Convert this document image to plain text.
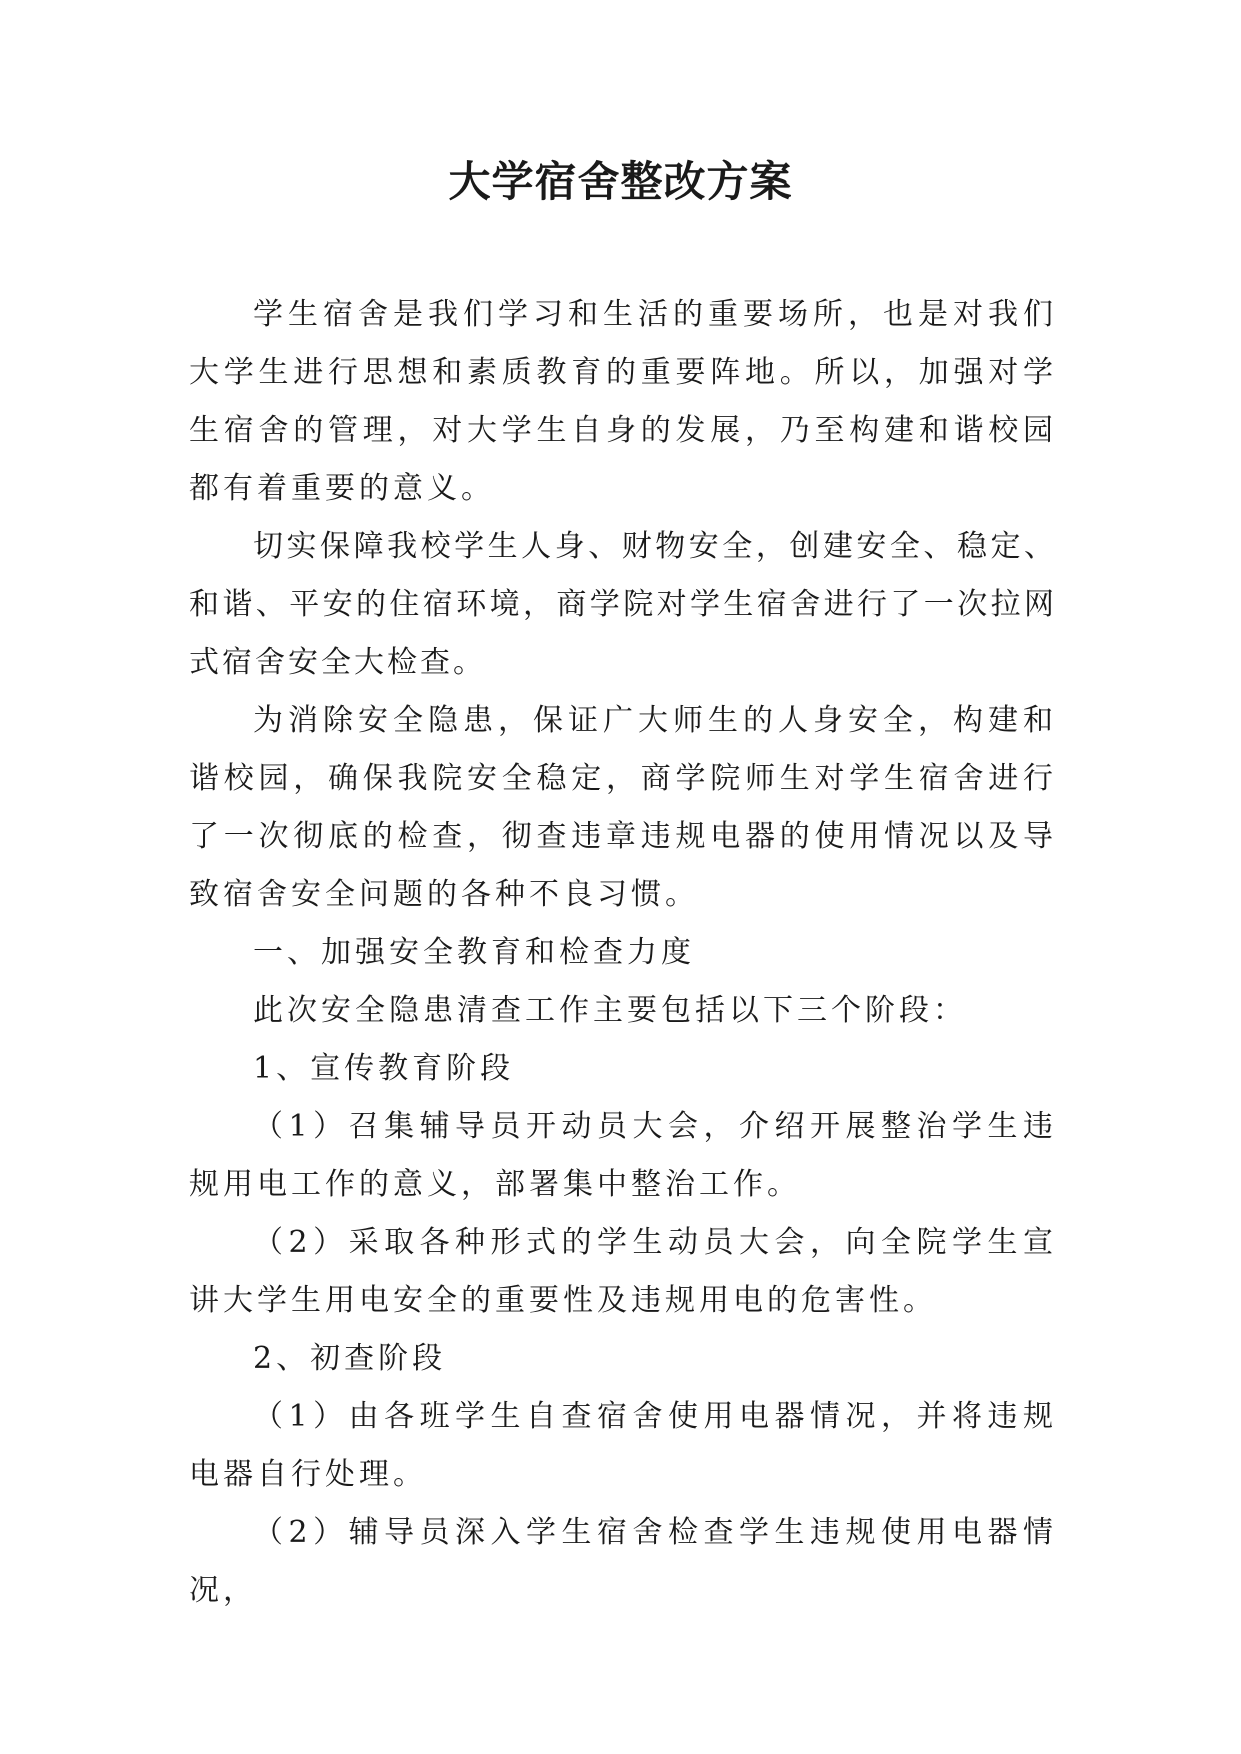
大学宿舍整改方案

学生宿舍是我们学习和生活的重要场所，也是对我们大学生进行思想和素质教育的重要阵地。所以，加强对学生宿舍的管理，对大学生自身的发展，乃至构建和谐校园都有着重要的意义。

切实保障我校学生人身、财物安全，创建安全、稳定、和谐、平安的住宿环境，商学院对学生宿舍进行了一次拉网式宿舍安全大检查。

为消除安全隐患，保证广大师生的人身安全，构建和谐校园，确保我院安全稳定，商学院师生对学生宿舍进行了一次彻底的检查，彻查违章违规电器的使用情况以及导致宿舍安全问题的各种不良习惯。

一、加强安全教育和检查力度

此次安全隐患清查工作主要包括以下三个阶段：

1、宣传教育阶段

（1）召集辅导员开动员大会，介绍开展整治学生违规用电工作的意义，部署集中整治工作。

（2）采取各种形式的学生动员大会，向全院学生宣讲大学生用电安全的重要性及违规用电的危害性。

2、初查阶段

（1）由各班学生自查宿舍使用电器情况，并将违规电器自行处理。

（2）辅导员深入学生宿舍检查学生违规使用电器情况，
